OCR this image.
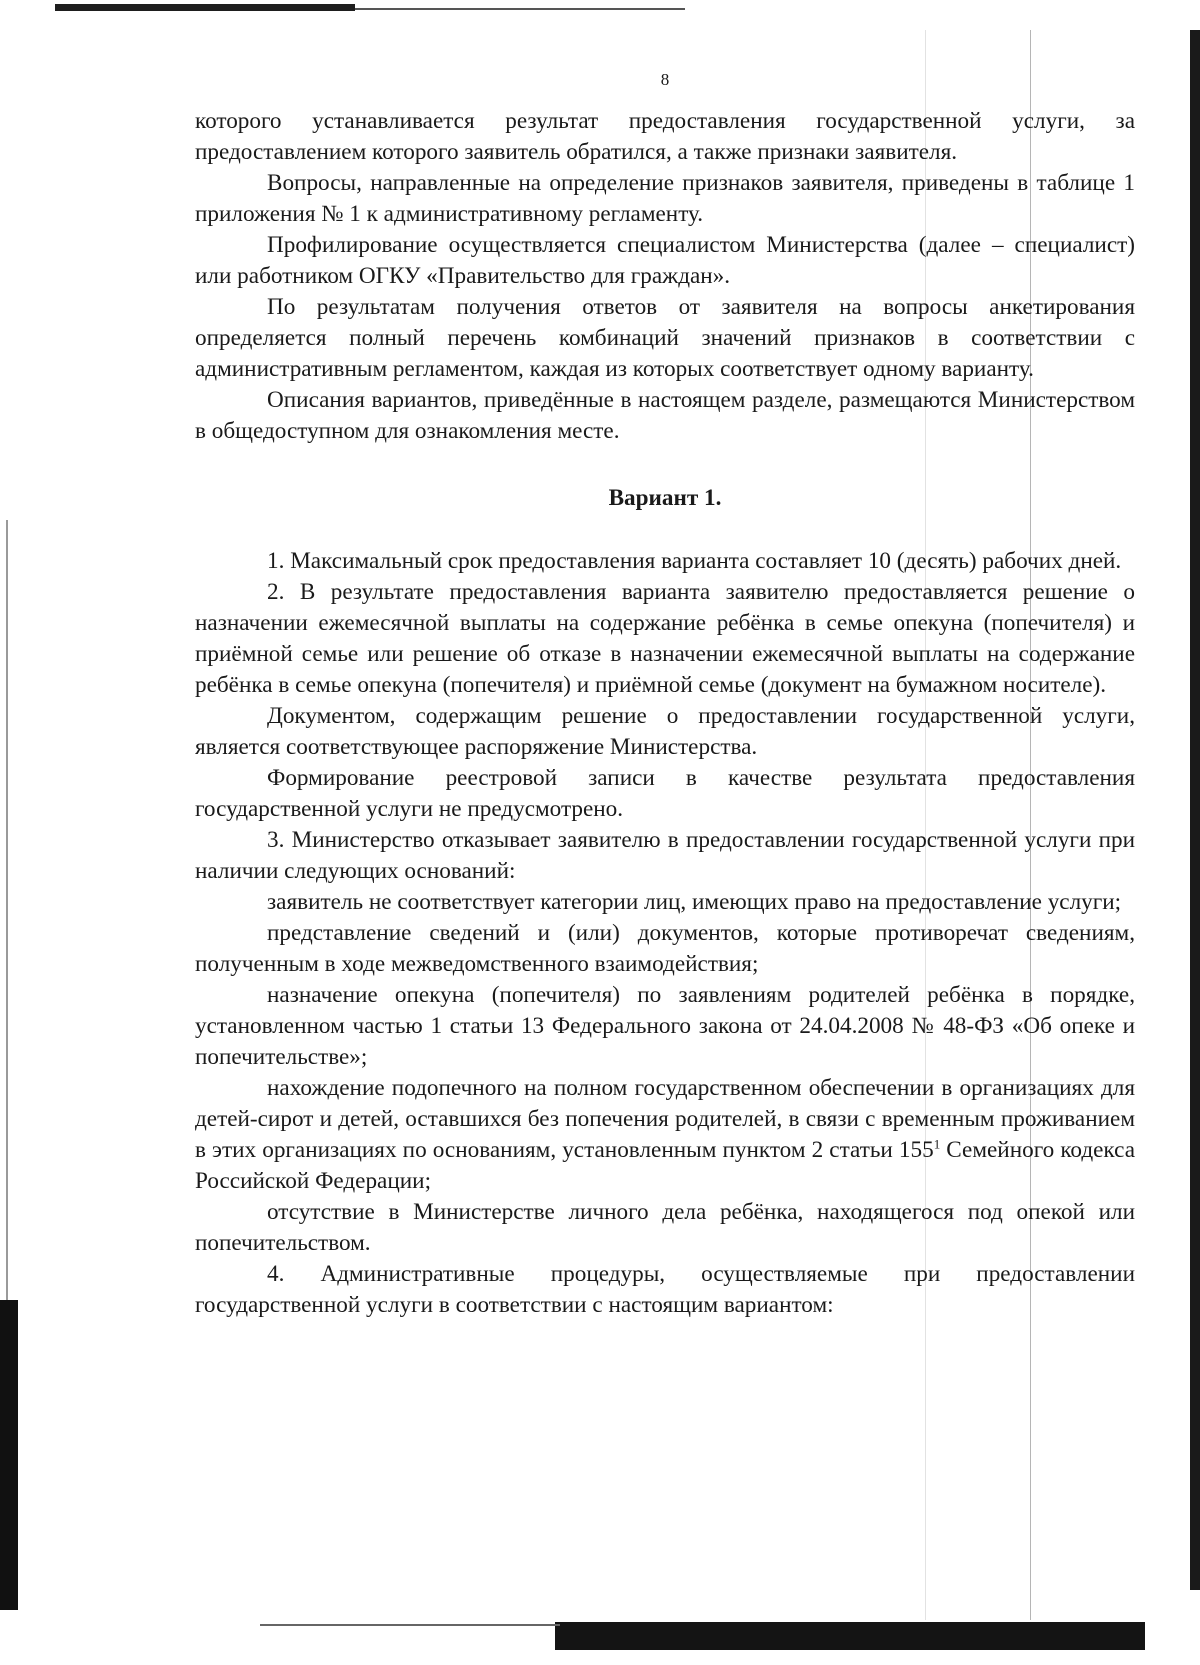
8

которого устанавливается результат предоставления государственной услуги, за предоставлением которого заявитель обратился, а также признаки заявителя.

Вопросы, направленные на определение признаков заявителя, приведены в таблице 1 приложения № 1 к административному регламенту.

Профилирование осуществляется специалистом Министерства (далее – специалист) или работником ОГКУ «Правительство для граждан».

По результатам получения ответов от заявителя на вопросы анкетирования определяется полный перечень комбинаций значений признаков в соответствии с административным регламентом, каждая из которых соответствует одному варианту.

Описания вариантов, приведённые в настоящем разделе, размещаются Министерством в общедоступном для ознакомления месте.

Вариант 1.

1. Максимальный срок предоставления варианта составляет 10 (десять) рабочих дней.

2. В результате предоставления варианта заявителю предоставляется решение о назначении ежемесячной выплаты на содержание ребёнка в семье опекуна (попечителя) и приёмной семье или решение об отказе в назначении ежемесячной выплаты на содержание ребёнка в семье опекуна (попечителя) и приёмной семье (документ на бумажном носителе).

Документом, содержащим решение о предоставлении государственной услуги, является соответствующее распоряжение Министерства.

Формирование реестровой записи в качестве результата предоставления государственной услуги не предусмотрено.

3. Министерство отказывает заявителю в предоставлении государственной услуги при наличии следующих оснований:

заявитель не соответствует категории лиц, имеющих право на предоставление услуги;

представление сведений и (или) документов, которые противоречат сведениям, полученным в ходе межведомственного взаимодействия;

назначение опекуна (попечителя) по заявлениям родителей ребёнка в порядке, установленном частью 1 статьи 13 Федерального закона от 24.04.2008 № 48-ФЗ «Об опеке и попечительстве»;

нахождение подопечного на полном государственном обеспечении в организациях для детей-сирот и детей, оставшихся без попечения родителей, в связи с временным проживанием в этих организациях по основаниям, установленным пунктом 2 статьи $155^1$ Семейного кодекса Российской Федерации;

отсутствие в Министерстве личного дела ребёнка, находящегося под опекой или попечительством.

4. Административные процедуры, осуществляемые при предоставлении государственной услуги в соответствии с настоящим вариантом:
